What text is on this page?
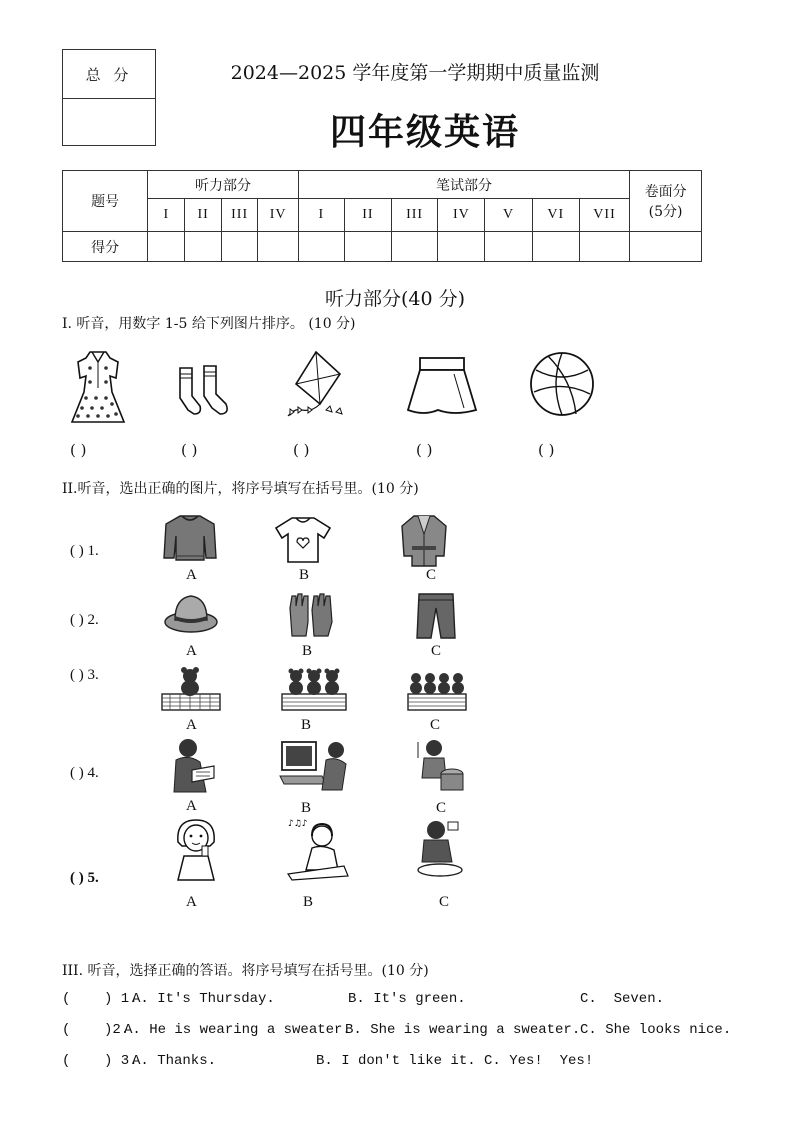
总 分	2024—2025 学年度第一学期期中质量监测
四年级英语
题号	听力部分				笔试部分							卷面分
(5分)

	I	II	III	IV	I	II	III	IV	V	VI	VII	
得分												
听力部分(40 分)
I. 听音，用数字 1-5 给下列图片排序。 (10 分)
( )	( )	( )	( )	( )
II.听音，选出正确的图片，将序号填写在括号里。(10 分)
( ) 1.
A	B	C
( ) 2.
A	B	C
( ) 3.
A	B	C
( ) 4.
A	B	C
( ) 5.
♪♫♪
A	B	C
III. 听音，选择正确的答语。将序号填写在括号里。(10 分)
(    ) 1.
A. It's Thursday.	B. It's green.	C.  Seven.
(    )2.
A. He is wearing a sweater.
B. She is wearing a sweater. C. She looks nice.
(    ) 3.
A. Thanks.	B. I don't like it. C. Yes!  Yes!
